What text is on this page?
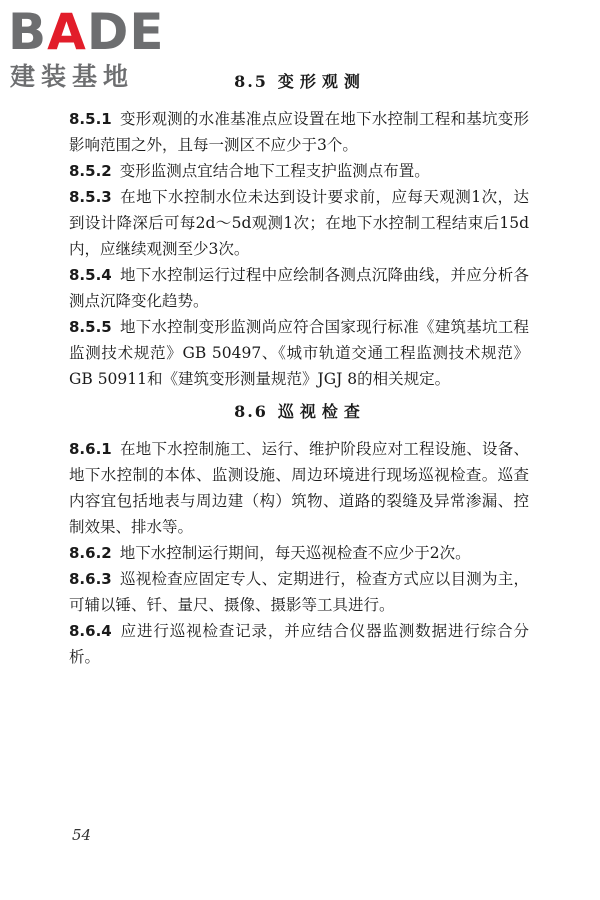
BADE
建装基地	8.5 变形观测
8.5.1 变形观测的水准基准点应设置在地下水控制工程和基坑变形影响范围之外，且每一测区不应少于3个。
8.5.2 变形监测点宜结合地下工程支护监测点布置。
8.5.3 在地下水控制水位未达到设计要求前，应每天观测1次，达到设计降深后可每2d～5d观测1次；在地下水控制工程结束后15d内，应继续观测至少3次。
8.5.4 地下水控制运行过程中应绘制各测点沉降曲线，并应分析各测点沉降变化趋势。
8.5.5 地下水控制变形监测尚应符合国家现行标准《建筑基坑工程监测技术规范》GB 50497、《城市轨道交通工程监测技术规范》GB 50911和《建筑变形测量规范》JGJ 8的相关规定。
8.6 巡视检查
8.6.1 在地下水控制施工、运行、维护阶段应对工程设施、设备、地下水控制的本体、监测设施、周边环境进行现场巡视检查。巡查内容宜包括地表与周边建（构）筑物、道路的裂缝及异常渗漏、控制效果、排水等。
8.6.2 地下水控制运行期间，每天巡视检查不应少于2次。
8.6.3 巡视检查应固定专人、定期进行，检查方式应以目测为主，可辅以锤、钎、量尺、摄像、摄影等工具进行。
8.6.4 应进行巡视检查记录，并应结合仪器监测数据进行综合分析。
54
